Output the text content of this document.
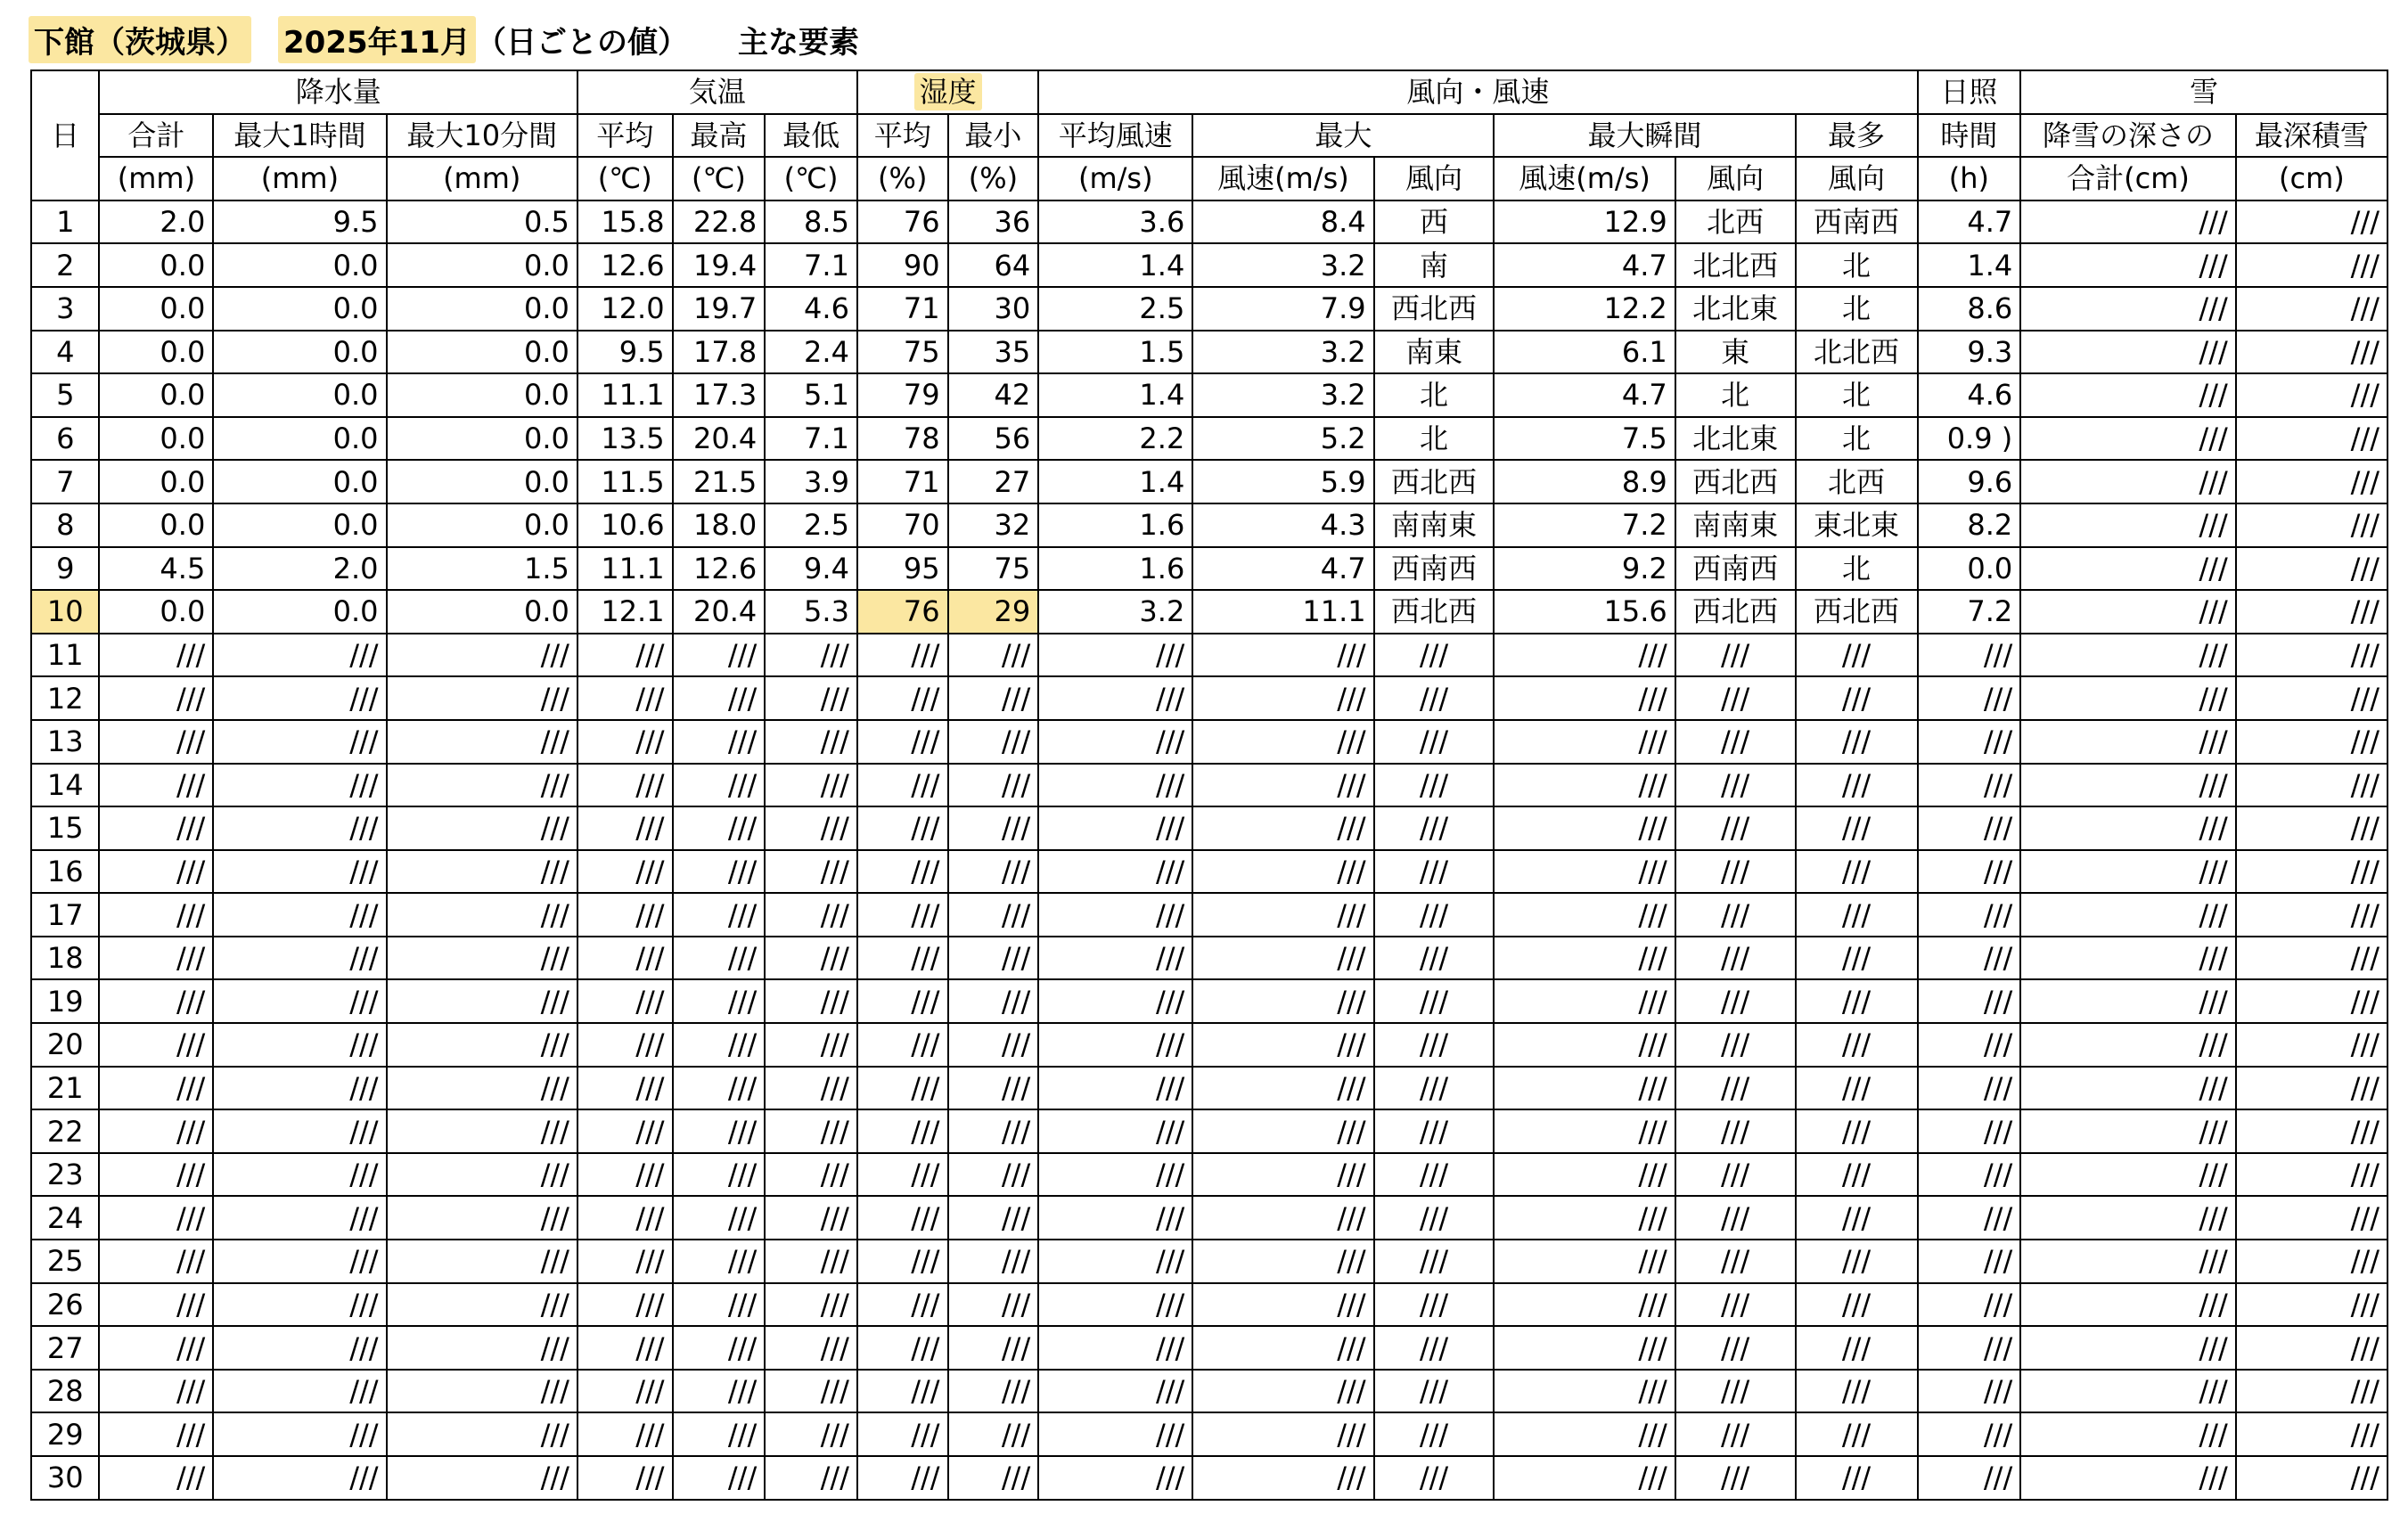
下館（茨城県） 2025年11月 （日ごとの値） 主な要素
日	降水量			気温			湿度		風向・風速						日照	雪	
	合計	最大1時間	最大10分間	平均	最高	最低	平均	最小	平均風速	最大		最大瞬間		最多	時間	降雪の深さの	最深積雪
	(mm)	(mm)	(mm)	(℃)	(℃)	(℃)	(%)	(%)	(m/s)	風速(m/s)	風向	風速(m/s)	風向	風向	(h)	合計(cm)	(cm)
1	2.0	9.5	0.5	15.8	22.8	8.5	76	36	3.6	8.4	西	12.9	北西	西南西	4.7	///	///
2	0.0	0.0	0.0	12.6	19.4	7.1	90	64	1.4	3.2	南	4.7	北北西	北	1.4	///	///
3	0.0	0.0	0.0	12.0	19.7	4.6	71	30	2.5	7.9	西北西	12.2	北北東	北	8.6	///	///
4	0.0	0.0	0.0	9.5	17.8	2.4	75	35	1.5	3.2	南東	6.1	東	北北西	9.3	///	///
5	0.0	0.0	0.0	11.1	17.3	5.1	79	42	1.4	3.2	北	4.7	北	北	4.6	///	///
6	0.0	0.0	0.0	13.5	20.4	7.1	78	56	2.2	5.2	北	7.5	北北東	北	0.9 )	///	///
7	0.0	0.0	0.0	11.5	21.5	3.9	71	27	1.4	5.9	西北西	8.9	西北西	北西	9.6	///	///
8	0.0	0.0	0.0	10.6	18.0	2.5	70	32	1.6	4.3	南南東	7.2	南南東	東北東	8.2	///	///
9	4.5	2.0	1.5	11.1	12.6	9.4	95	75	1.6	4.7	西南西	9.2	西南西	北	0.0	///	///
10	0.0	0.0	0.0	12.1	20.4	5.3	76	29	3.2	11.1	西北西	15.6	西北西	西北西	7.2	///	///
11	///	///	///	///	///	///	///	///	///	///	///	///	///	///	///	///	///
12	///	///	///	///	///	///	///	///	///	///	///	///	///	///	///	///	///
13	///	///	///	///	///	///	///	///	///	///	///	///	///	///	///	///	///
14	///	///	///	///	///	///	///	///	///	///	///	///	///	///	///	///	///
15	///	///	///	///	///	///	///	///	///	///	///	///	///	///	///	///	///
16	///	///	///	///	///	///	///	///	///	///	///	///	///	///	///	///	///
17	///	///	///	///	///	///	///	///	///	///	///	///	///	///	///	///	///
18	///	///	///	///	///	///	///	///	///	///	///	///	///	///	///	///	///
19	///	///	///	///	///	///	///	///	///	///	///	///	///	///	///	///	///
20	///	///	///	///	///	///	///	///	///	///	///	///	///	///	///	///	///
21	///	///	///	///	///	///	///	///	///	///	///	///	///	///	///	///	///
22	///	///	///	///	///	///	///	///	///	///	///	///	///	///	///	///	///
23	///	///	///	///	///	///	///	///	///	///	///	///	///	///	///	///	///
24	///	///	///	///	///	///	///	///	///	///	///	///	///	///	///	///	///
25	///	///	///	///	///	///	///	///	///	///	///	///	///	///	///	///	///
26	///	///	///	///	///	///	///	///	///	///	///	///	///	///	///	///	///
27	///	///	///	///	///	///	///	///	///	///	///	///	///	///	///	///	///
28	///	///	///	///	///	///	///	///	///	///	///	///	///	///	///	///	///
29	///	///	///	///	///	///	///	///	///	///	///	///	///	///	///	///	///
30	///	///	///	///	///	///	///	///	///	///	///	///	///	///	///	///	///
